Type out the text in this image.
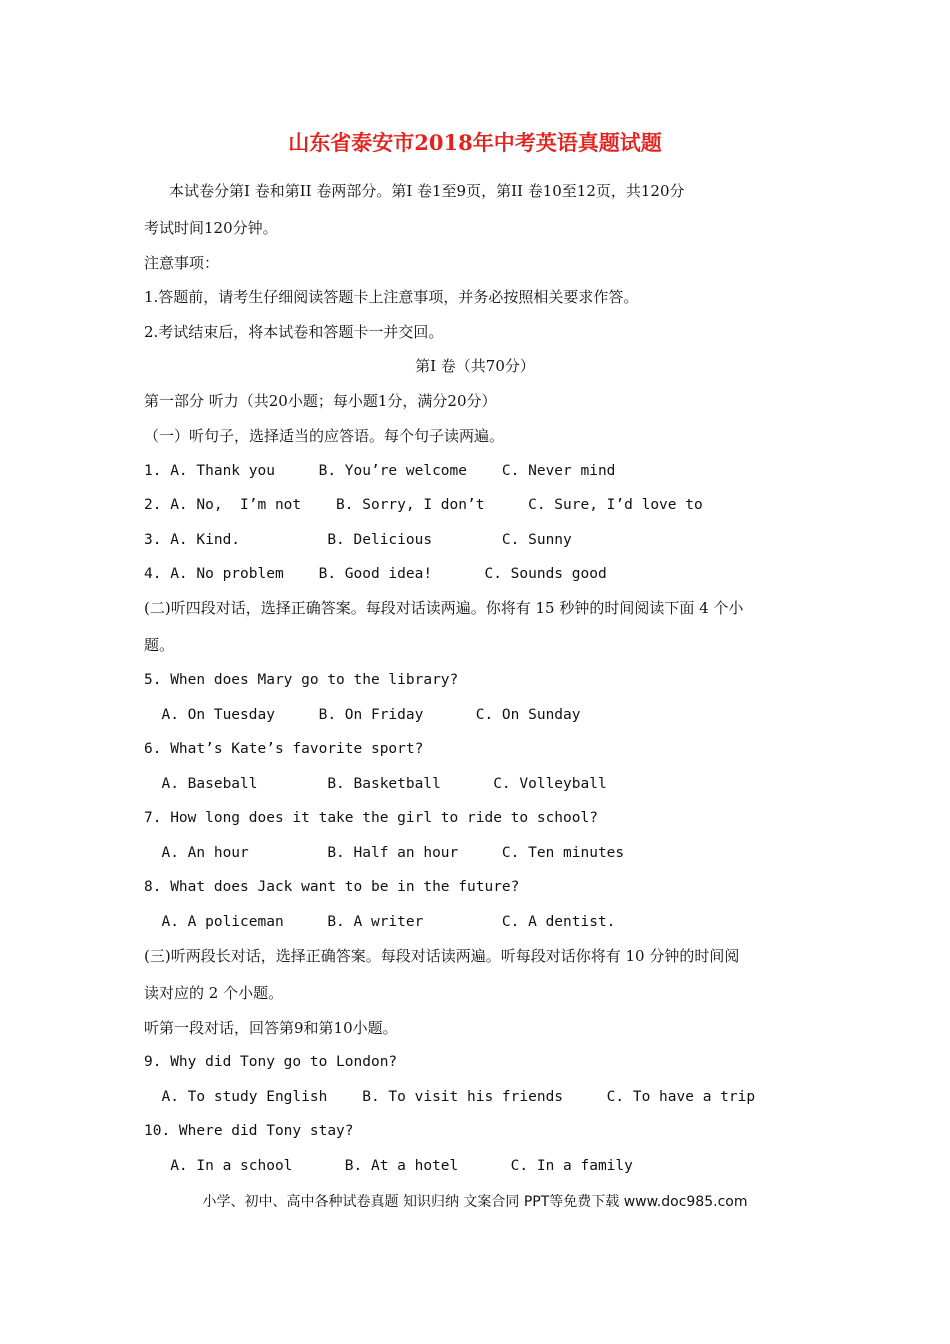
山东省泰安市2018年中考英语真题试题
本试卷分第Ⅰ 卷和第II 卷两部分。第Ⅰ 卷1至9页，第II 卷10至12页，共120分
考试时间120分钟。
注意事项：
1.答题前，请考生仔细阅读答题卡上注意事项，并务必按照相关要求作答。
2.考试结束后，将本试卷和答题卡一并交回。
第Ⅰ 卷（共70分）
第一部分 听力（共20小题；每小题1分，满分20分）
（一）听句子，选择适当的应答语。每个句子读两遍。
1. A. Thank you     B. You’re welcome    C. Never mind
2. A. No,  I’m not    B. Sorry, I don’t     C. Sure, I’d love to
3. A. Kind.          B. Delicious        C. Sunny
4. A. No problem    B. Good idea!      C. Sounds good
(二)听四段对话，选择正确答案。每段对话读两遍。你将有 15 秒钟的时间阅读下面 4 个小
题。
5. When does Mary go to the library?
A. On Tuesday     B. On Friday      C. On Sunday
6. What’s Kate’s favorite sport?
A. Baseball        B. Basketball      C. Volleyball
7. How long does it take the girl to ride to school?
A. An hour         B. Half an hour     C. Ten minutes
8. What does Jack want to be in the future?
A. A policeman     B. A writer         C. A dentist.
(三)听两段长对话，选择正确答案。每段对话读两遍。听每段对话你将有 10 分钟的时间阅
读对应的 2 个小题。
听第一段对话，回答第9和第10小题。
9. Why did Tony go to London?
A. To study English    B. To visit his friends     C. To have a trip
10. Where did Tony stay?
A. In a school      B. At a hotel      C. In a family
小学、初中、高中各种试卷真题 知识归纳 文案合同 PPT等免费下载 www.doc985.com
